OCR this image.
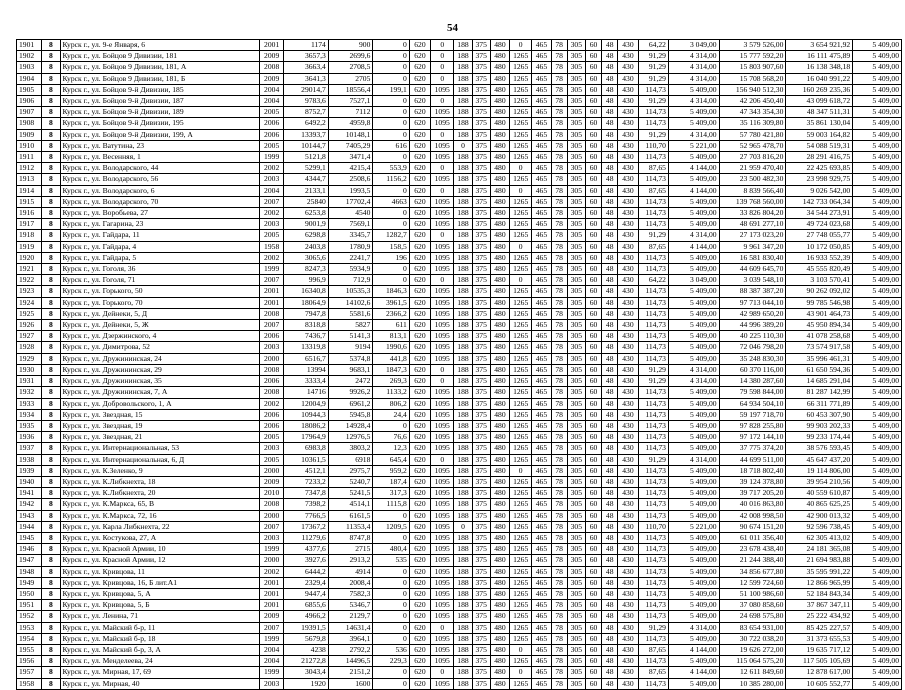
54
1901	8	Курск г., ул. 9-е Января, 6	2001	1174	900	0	620	0	188	375	480	0	465	78	305	60	48	430	64,22	3 049,00	3 579 526,00	3 654 921,92	5 409,00
1902	8	Курск г., ул. Бойцов 9 Дивизии, 181	2009	3657,3	2699,6	0	620	0	188	375	480	1265	465	78	305	60	48	430	91,29	4 314,00	15 777 592,20	16 111 475,89	5 409,00
1903	8	Курск г., ул. Бойцов 9 Дивизии, 181, А	2008	3663,4	2708,5	0	620	0	188	375	480	1265	465	78	305	60	48	430	91,29	4 314,00	15 803 907,60	16 138 348,18	5 409,00
1904	8	Курск г., ул. Бойцов 9 Дивизии, 181, Б	2009	3641,3	2705	0	620	0	188	375	480	1265	465	78	305	60	48	430	91,29	4 314,00	15 708 568,20	16 040 991,22	5 409,00
1905	8	Курск г., ул. Бойцов 9-й Дивизии, 185	2004	29014,7	18556,4	199,1	620	1095	188	375	480	1265	465	78	305	60	48	430	114,73	5 409,00	156 940 512,30	160 269 235,36	5 409,00
1906	8	Курск г., ул. Бойцов 9-й Дивизии, 187	2004	9783,6	7527,1	0	620	0	188	375	480	1265	465	78	305	60	48	430	91,29	4 314,00	42 206 450,40	43 099 618,72	5 409,00
1907	8	Курск г., ул. Бойцов 9-й Дивизии, 189	2005	8752,7	7112	0	620	1095	188	375	480	1265	465	78	305	60	48	430	114,73	5 409,00	47 343 354,30	48 347 511,31	5 409,00
1908	8	Курск г., ул. Бойцов 9-й Дивизии, 195	2006	6492,2	4959,8	0	620	1095	188	375	480	1265	465	78	305	60	48	430	114,73	5 409,00	35 116 309,80	35 861 130,04	5 409,00
1909	8	Курск г., ул. Бойцов 9-й Дивизии, 199, А	2006	13393,7	10148,1	0	620	0	188	375	480	1265	465	78	305	60	48	430	91,29	4 314,00	57 780 421,80	59 003 164,82	5 409,00
1910	8	Курск г., ул. Ватутина, 23	2005	10144,7	7405,29	616	620	1095	0	375	480	1265	465	78	305	60	48	430	110,70	5 221,00	52 965 478,70	54 088 519,31	5 409,00
1911	8	Курск г., ул. Весенняя, 1	1999	5121,8	3471,4	0	620	1095	188	375	480	1265	465	78	305	60	48	430	114,73	5 409,00	27 703 816,20	28 291 416,75	5 409,00
1912	8	Курск г., ул. Володарского, 44	2002	5299,1	4215,4	553,9	620	0	188	375	480	0	465	78	305	60	48	430	87,65	4 144,00	21 959 470,40	22 425 693,85	5 409,00
1913	8	Курск г., ул. Володарского, 56	2003	4344,7	2508,6	1156,2	620	1095	188	375	480	1265	465	78	305	60	48	430	114,73	5 409,00	23 500 482,30	23 998 929,75	5 409,00
1914	8	Курск г., ул. Володарского, 6	2004	2133,1	1993,5	0	620	0	188	375	480	0	465	78	305	60	48	430	87,65	4 144,00	8 839 566,40	9 026 542,00	5 409,00
1915	8	Курск г., ул. Володарского, 70	2007	25840	17702,4	4663	620	1095	188	375	480	1265	465	78	305	60	48	430	114,73	5 409,00	139 768 560,00	142 733 064,34	5 409,00
1916	8	Курск г., ул. Воробьева, 27	2002	6253,8	4540	0	620	1095	188	375	480	1265	465	78	305	60	48	430	114,73	5 409,00	33 826 804,20	34 544 273,91	5 409,00
1917	8	Курск г., ул. Гагарина, 23	2003	9001,9	7569,1	0	620	1095	188	375	480	1265	465	78	305	60	48	430	114,73	5 409,00	48 691 277,10	49 724 023,68	5 409,00
1918	8	Курск г., ул. Гайдара, 11	2005	6298,8	3345,7	1282,7	620	0	188	375	480	1265	465	78	305	60	48	430	91,29	4 314,00	27 173 023,20	27 748 055,77	5 409,00
1919	8	Курск г., ул. Гайдара, 4	1958	2403,8	1780,9	158,5	620	1095	188	375	480	0	465	78	305	60	48	430	87,65	4 144,00	9 961 347,20	10 172 050,85	5 409,00
1920	8	Курск г., ул. Гайдара, 5	2002	3065,6	2241,7	196	620	1095	188	375	480	1265	465	78	305	60	48	430	114,73	5 409,00	16 581 830,40	16 933 552,39	5 409,00
1921	8	Курск г., ул. Гоголя, 36	1999	8247,3	5934,9	0	620	1095	188	375	480	1265	465	78	305	60	48	430	114,73	5 409,00	44 609 645,70	45 555 820,49	5 409,00
1922	8	Курск г., ул. Гоголя, 71	2007	996,9	712,9	0	620	0	188	375	480	0	465	78	305	60	48	430	64,22	3 049,00	3 039 548,10	3 103 570,41	5 409,00
1923	8	Курск г., ул. Горького, 50	2001	16340,8	10535,3	1846,3	620	1095	188	375	480	1265	465	78	305	60	48	430	114,73	5 409,00	88 387 387,20	90 262 092,02	5 409,00
1924	8	Курск г., ул. Горького, 70	2001	18064,9	14102,6	3961,5	620	1095	188	375	480	1265	465	78	305	60	48	430	114,73	5 409,00	97 713 044,10	99 785 546,98	5 409,00
1925	8	Курск г., ул. Дейнеки, 5, Д	2008	7947,8	5581,6	2366,2	620	1095	188	375	480	1265	465	78	305	60	48	430	114,73	5 409,00	42 989 650,20	43 901 464,73	5 409,00
1926	8	Курск г., ул. Дейнеки, 5, Ж	2007	8318,8	5827	611	620	1095	188	375	480	1265	465	78	305	60	48	430	114,73	5 409,00	44 996 389,20	45 950 894,34	5 409,00
1927	8	Курск г., ул. Дзержинского, 4	2006	7436,7	5141,3	813,1	620	1095	188	375	480	1265	465	78	305	60	48	430	114,73	5 409,00	40 225 110,30	41 078 258,68	5 409,00
1928	8	Курск г., ул. Димитрова, 52	2003	13319,8	9194	1990,6	620	1095	188	375	480	1265	465	78	305	60	48	430	114,73	5 409,00	72 046 798,20	73 574 917,58	5 409,00
1929	8	Курск г., ул. Дружининская, 24	2000	6516,7	5374,8	441,8	620	1095	188	375	480	1265	465	78	305	60	48	430	114,73	5 409,00	35 248 830,30	35 996 461,31	5 409,00
1930	8	Курск г., ул. Дружининская, 29	2008	13994	9683,1	1847,3	620	0	188	375	480	1265	465	78	305	60	48	430	91,29	4 314,00	60 370 116,00	61 650 594,36	5 409,00
1931	8	Курск г., ул. Дружининская, 35	2006	3333,4	2472	269,3	620	0	188	375	480	1265	465	78	305	60	48	430	91,29	4 314,00	14 380 287,60	14 685 291,04	5 409,00
1932	8	Курск г., ул. Дружининская, 7, А	2008	14716	9926,2	1133,2	620	1095	188	375	480	1265	465	78	305	60	48	430	114,73	5 409,00	79 598 844,00	81 287 142,99	5 409,00
1933	8	Курск г., ул. Добровольского, 1, А	2002	12004,9	6961,2	806,2	620	1095	188	375	480	1265	465	78	305	60	48	430	114,73	5 409,00	64 934 504,10	66 311 771,89	5 409,00
1934	8	Курск г., ул. Звездная, 15	2006	10944,3	5945,8	24,4	620	1095	188	375	480	1265	465	78	305	60	48	430	114,73	5 409,00	59 197 718,70	60 453 307,90	5 409,00
1935	8	Курск г., ул. Звездная, 19	2006	18086,2	14928,4	0	620	1095	188	375	480	1265	465	78	305	60	48	430	114,73	5 409,00	97 828 255,80	99 903 202,33	5 409,00
1936	8	Курск г., ул. Звездная, 21	2005	17964,9	12976,5	76,6	620	1095	188	375	480	1265	465	78	305	60	48	430	114,73	5 409,00	97 172 144,10	99 233 174,44	5 409,00
1937	8	Курск г., ул. Интернациональная, 53	2003	6983,8	3803,2	12,3	620	1095	188	375	480	1265	465	78	305	60	48	430	114,73	5 409,00	37 775 374,20	38 576 593,45	5 409,00
1938	8	Курск г., ул. Интернациональная, 6, Д	2005	10361,5	6918	645,4	620	0	188	375	480	1265	465	78	305	60	48	430	91,29	4 314,00	44 699 511,00	45 647 437,20	5 409,00
1939	8	Курск г., ул. К.Зеленко, 9	2000	4512,1	2975,7	959,2	620	1095	188	375	480	0	465	78	305	60	48	430	114,73	5 409,00	18 718 802,40	19 114 806,00	5 409,00
1940	8	Курск г., ул. К.Либкнехта, 18	2009	7233,2	5240,7	187,4	620	1095	188	375	480	1265	465	78	305	60	48	430	114,73	5 409,00	39 124 378,80	39 954 210,56	5 409,00
1941	8	Курск г., ул. К.Либкнехта, 20	2010	7347,8	5241,5	317,3	620	1095	188	375	480	1265	465	78	305	60	48	430	114,73	5 409,00	39 717 205,20	40 559 610,87	5 409,00
1942	8	Курск г., ул. К.Маркса, 65, В	2008	7398,2	4514,1	1115,8	620	1095	188	375	480	1265	465	78	305	60	48	430	114,73	5 409,00	40 016 863,80	40 865 625,25	5 409,00
1943	8	Курск г., ул. К.Маркса, 72, 16	2000	7766,5	6161,5	0	620	1095	188	375	480	1265	465	78	305	60	48	430	114,73	5 409,00	42 008 998,50	42 900 013,32	5 409,00
1944	8	Курск г., ул. Карла Либкнехта, 22	2007	17367,2	11353,4	1209,5	620	1095	0	375	480	1265	465	78	305	60	48	430	110,70	5 221,00	90 674 151,20	92 596 738,45	5 409,00
1945	8	Курск г., ул. Костукова, 27, А	2003	11279,6	8747,8	0	620	1095	188	375	480	1265	465	78	305	60	48	430	114,73	5 409,00	61 011 356,40	62 305 413,02	5 409,00
1946	8	Курск г., ул. Красной Армии, 10	1999	4377,6	2715	480,4	620	1095	188	375	480	1265	465	78	305	60	48	430	114,73	5 409,00	23 678 438,40	24 181 365,08	5 409,00
1947	8	Курск г., ул. Красной Армии, 12	2000	3927,6	2913,2	535	620	1095	188	375	480	1265	465	78	305	60	48	430	114,73	5 409,00	21 244 388,40	21 694 983,88	5 409,00
1948	8	Курск г., ул. Кривцова, 11	2002	6444,2	4914	0	620	1095	188	375	480	1265	465	78	305	60	48	430	114,73	5 409,00	34 856 677,80	35 595 991,22	5 409,00
1949	8	Курск г., ул. Кривцова, 16, Б лит.А1	2001	2329,4	2008,4	0	620	1095	188	375	480	1265	465	78	305	60	48	430	114,73	5 409,00	12 599 724,60	12 866 965,99	5 409,00
1950	8	Курск г., ул. Кривцова, 5, А	2001	9447,4	7582,3	0	620	1095	188	375	480	1265	465	78	305	60	48	430	114,73	5 409,00	51 100 986,60	52 184 843,34	5 409,00
1951	8	Курск г., ул. Кривцова, 5, Б	2001	6855,6	5346,7	0	620	1095	188	375	480	1265	465	78	305	60	48	430	114,73	5 409,00	37 080 858,60	37 867 347,11	5 409,00
1952	8	Курск г., ул. Ленина, 71	2009	4966,2	2129,7	0	620	1095	188	375	480	1265	465	78	305	60	48	430	114,73	5 409,00	24 698 575,80	25 222 434,92	5 409,00
1953	8	Курск г., ул. Майский б-р, 11	2007	19391,5	14631,4	0	620	0	188	375	480	1265	465	78	305	60	48	430	91,29	4 314,00	83 654 931,00	85 425 227,57	5 409,00
1954	8	Курск г., ул. Майский б-р, 18	1999	5679,8	3964,1	0	620	1095	188	375	480	1265	465	78	305	60	48	430	114,73	5 409,00	30 722 038,20	31 373 655,53	5 409,00
1955	8	Курск г., ул. Майский б-р, 3, А	2004	4238	2792,2	536	620	1095	188	375	480	0	465	78	305	60	48	430	87,65	4 144,00	19 626 272,00	19 635 717,12	5 409,00
1956	8	Курск г., ул. Менделеева, 24	2004	21272,8	14496,5	229,3	620	1095	188	375	480	1265	465	78	305	60	48	430	114,73	5 409,00	115 064 575,20	117 505 105,69	5 409,00
1957	8	Курск г., ул. Мирная, 17, 69	1999	3043,4	2151,2	0	620	0	188	375	480	0	465	78	305	60	48	430	87,65	4 144,00	12 611 849,60	12 878 617,00	5 409,00
1958	8	Курск г., ул. Мирная, 40	2003	1920	1600	0	620	1095	188	375	480	1265	465	78	305	60	48	430	114,73	5 409,00	10 385 280,00	10 605 552,77	5 409,00
